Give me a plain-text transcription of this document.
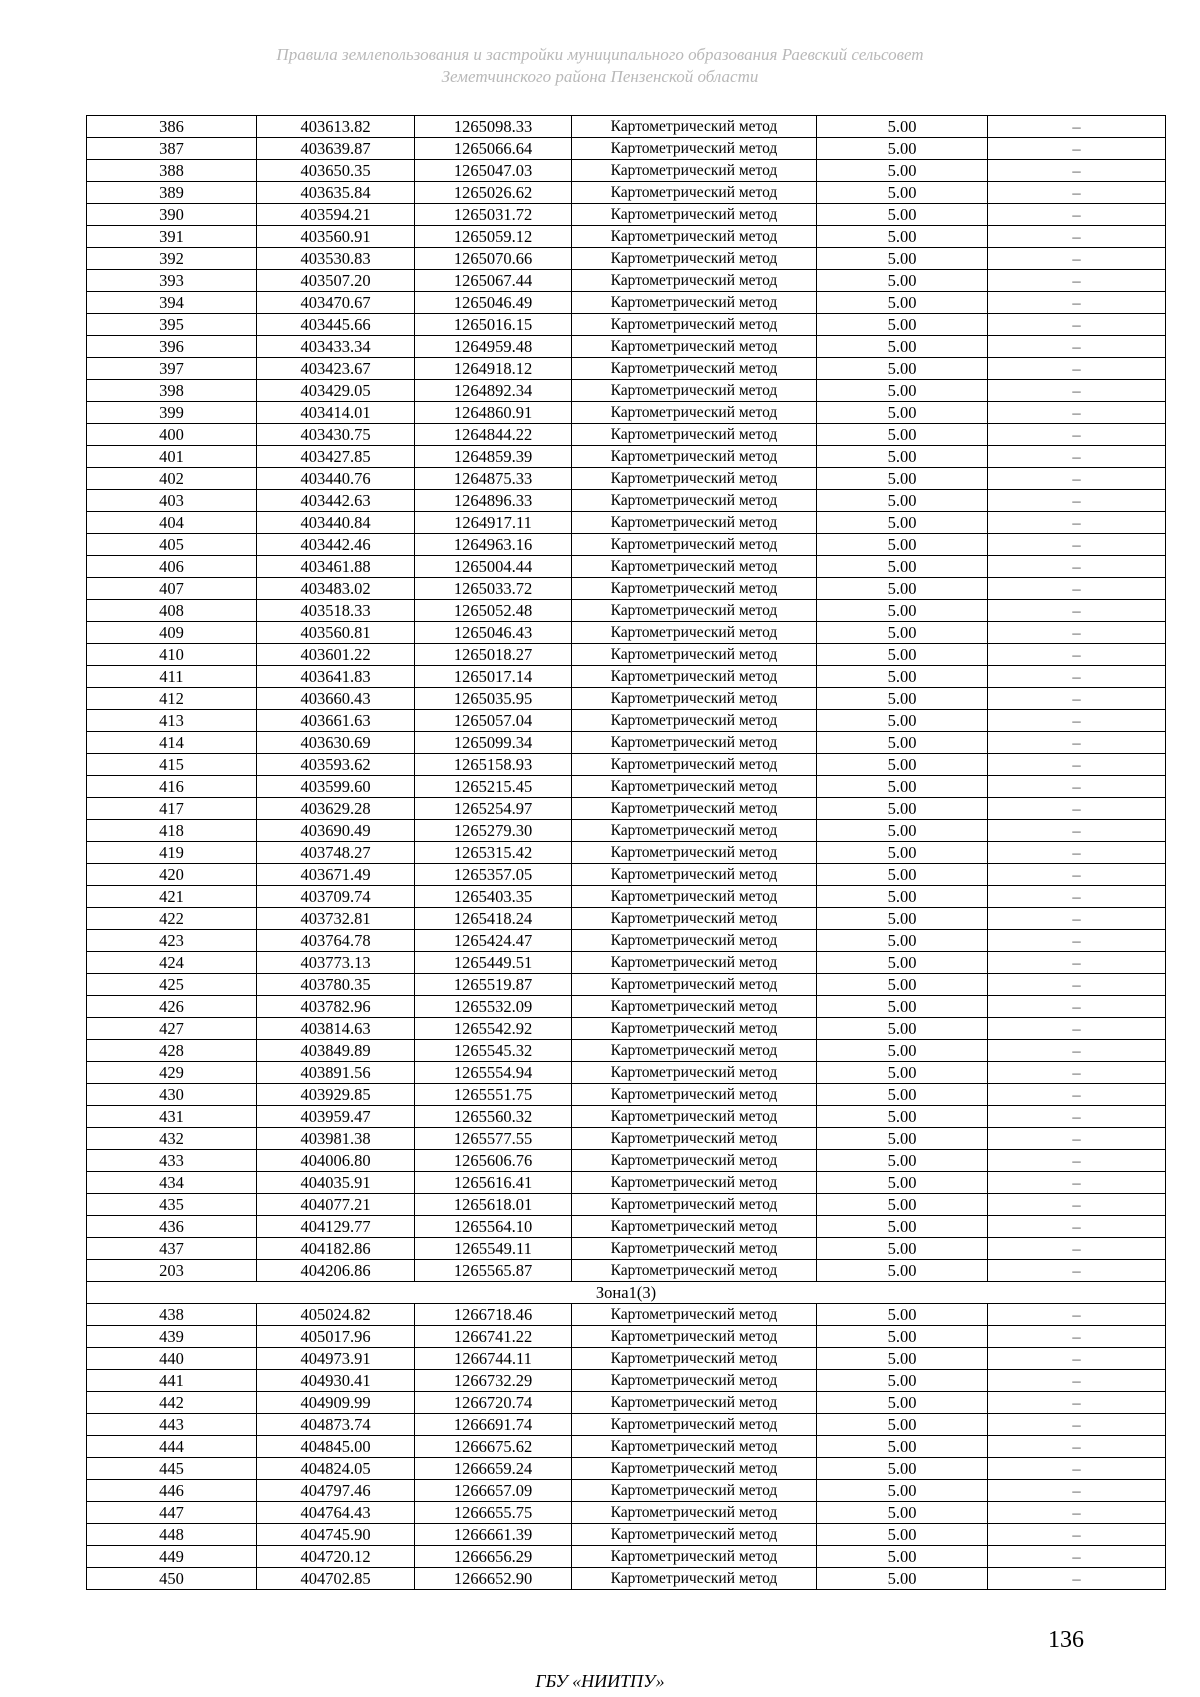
Правила землепользования и застройки муниципального образования Раевский сельсовет
Земетчинского района Пензенской области
386	403613.82	1265098.33	Картометрический метод	5.00	–
387	403639.87	1265066.64	Картометрический метод	5.00	–
388	403650.35	1265047.03	Картометрический метод	5.00	–
389	403635.84	1265026.62	Картометрический метод	5.00	–
390	403594.21	1265031.72	Картометрический метод	5.00	–
391	403560.91	1265059.12	Картометрический метод	5.00	–
392	403530.83	1265070.66	Картометрический метод	5.00	–
393	403507.20	1265067.44	Картометрический метод	5.00	–
394	403470.67	1265046.49	Картометрический метод	5.00	–
395	403445.66	1265016.15	Картометрический метод	5.00	–
396	403433.34	1264959.48	Картометрический метод	5.00	–
397	403423.67	1264918.12	Картометрический метод	5.00	–
398	403429.05	1264892.34	Картометрический метод	5.00	–
399	403414.01	1264860.91	Картометрический метод	5.00	–
400	403430.75	1264844.22	Картометрический метод	5.00	–
401	403427.85	1264859.39	Картометрический метод	5.00	–
402	403440.76	1264875.33	Картометрический метод	5.00	–
403	403442.63	1264896.33	Картометрический метод	5.00	–
404	403440.84	1264917.11	Картометрический метод	5.00	–
405	403442.46	1264963.16	Картометрический метод	5.00	–
406	403461.88	1265004.44	Картометрический метод	5.00	–
407	403483.02	1265033.72	Картометрический метод	5.00	–
408	403518.33	1265052.48	Картометрический метод	5.00	–
409	403560.81	1265046.43	Картометрический метод	5.00	–
410	403601.22	1265018.27	Картометрический метод	5.00	–
411	403641.83	1265017.14	Картометрический метод	5.00	–
412	403660.43	1265035.95	Картометрический метод	5.00	–
413	403661.63	1265057.04	Картометрический метод	5.00	–
414	403630.69	1265099.34	Картометрический метод	5.00	–
415	403593.62	1265158.93	Картометрический метод	5.00	–
416	403599.60	1265215.45	Картометрический метод	5.00	–
417	403629.28	1265254.97	Картометрический метод	5.00	–
418	403690.49	1265279.30	Картометрический метод	5.00	–
419	403748.27	1265315.42	Картометрический метод	5.00	–
420	403671.49	1265357.05	Картометрический метод	5.00	–
421	403709.74	1265403.35	Картометрический метод	5.00	–
422	403732.81	1265418.24	Картометрический метод	5.00	–
423	403764.78	1265424.47	Картометрический метод	5.00	–
424	403773.13	1265449.51	Картометрический метод	5.00	–
425	403780.35	1265519.87	Картометрический метод	5.00	–
426	403782.96	1265532.09	Картометрический метод	5.00	–
427	403814.63	1265542.92	Картометрический метод	5.00	–
428	403849.89	1265545.32	Картометрический метод	5.00	–
429	403891.56	1265554.94	Картометрический метод	5.00	–
430	403929.85	1265551.75	Картометрический метод	5.00	–
431	403959.47	1265560.32	Картометрический метод	5.00	–
432	403981.38	1265577.55	Картометрический метод	5.00	–
433	404006.80	1265606.76	Картометрический метод	5.00	–
434	404035.91	1265616.41	Картометрический метод	5.00	–
435	404077.21	1265618.01	Картометрический метод	5.00	–
436	404129.77	1265564.10	Картометрический метод	5.00	–
437	404182.86	1265549.11	Картометрический метод	5.00	–
203	404206.86	1265565.87	Картометрический метод	5.00	–
Зона1(3)					
438	405024.82	1266718.46	Картометрический метод	5.00	–
439	405017.96	1266741.22	Картометрический метод	5.00	–
440	404973.91	1266744.11	Картометрический метод	5.00	–
441	404930.41	1266732.29	Картометрический метод	5.00	–
442	404909.99	1266720.74	Картометрический метод	5.00	–
443	404873.74	1266691.74	Картометрический метод	5.00	–
444	404845.00	1266675.62	Картометрический метод	5.00	–
445	404824.05	1266659.24	Картометрический метод	5.00	–
446	404797.46	1266657.09	Картометрический метод	5.00	–
447	404764.43	1266655.75	Картометрический метод	5.00	–
448	404745.90	1266661.39	Картометрический метод	5.00	–
449	404720.12	1266656.29	Картометрический метод	5.00	–
450	404702.85	1266652.90	Картометрический метод	5.00	–
136
ГБУ «НИИТПУ»
